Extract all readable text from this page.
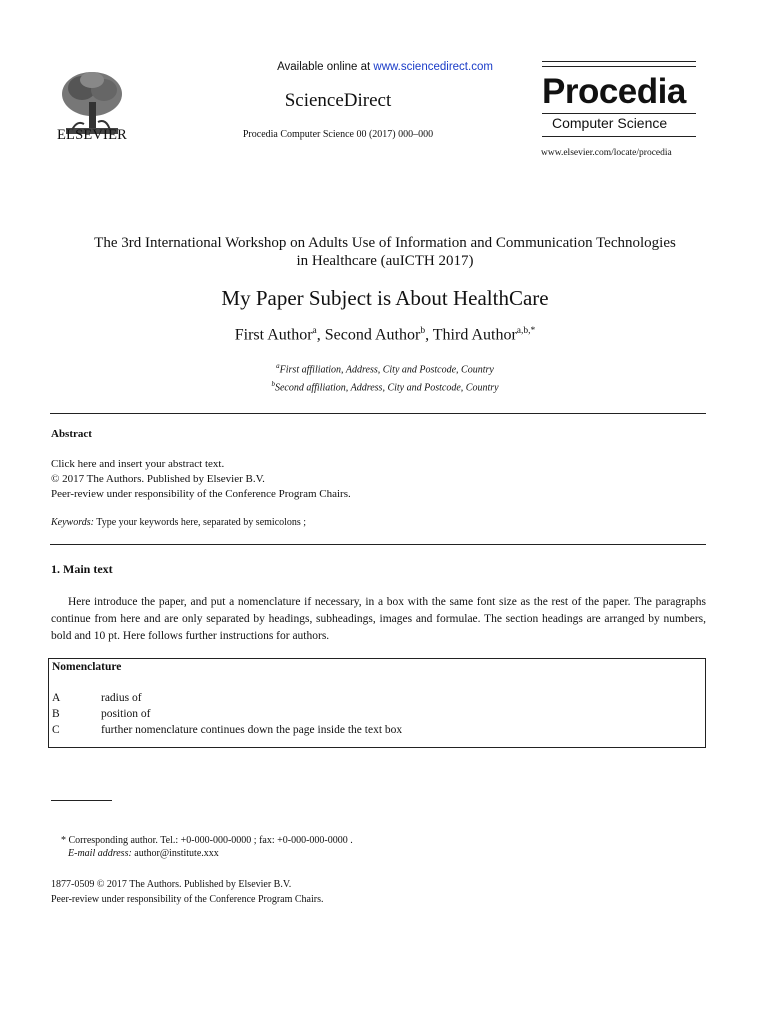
ELSEVIER
Available online at www.sciencedirect.com
ScienceDirect
Procedia Computer Science 00 (2017) 000–000
Procedia
Computer Science
www.elsevier.com/locate/procedia
The 3rd International Workshop on Adults Use of Information and Communication Technologies
in Healthcare (auICTH 2017)
My Paper Subject is About HealthCare
First Author$^a$, Second Author$^b$, Third Author$^{a,b,*}$
$^a$First affiliation, Address, City and Postcode, Country
$^b$Second affiliation, Address, City and Postcode, Country
Abstract
Click here and insert your abstract text.
© 2017 The Authors. Published by Elsevier B.V.
Peer-review under responsibility of the Conference Program Chairs.
Keywords: Type your keywords here, separated by semicolons ;
1. Main text
Here introduce the paper, and put a nomenclature if necessary, in a box with the same font size as the rest of the paper. The paragraphs continue from here and are only separated by headings, subheadings, images and formulae. The section headings are arranged by numbers, bold and 10 pt. Here follows further instructions for authors.
Nomenclature
A	radius of
B	position of
C	further nomenclature continues down the page inside the text box
* Corresponding author. Tel.: +0-000-000-0000 ; fax: +0-000-000-0000 .
E-mail address: author@institute.xxx
1877-0509 © 2017 The Authors. Published by Elsevier B.V.
Peer-review under responsibility of the Conference Program Chairs.
